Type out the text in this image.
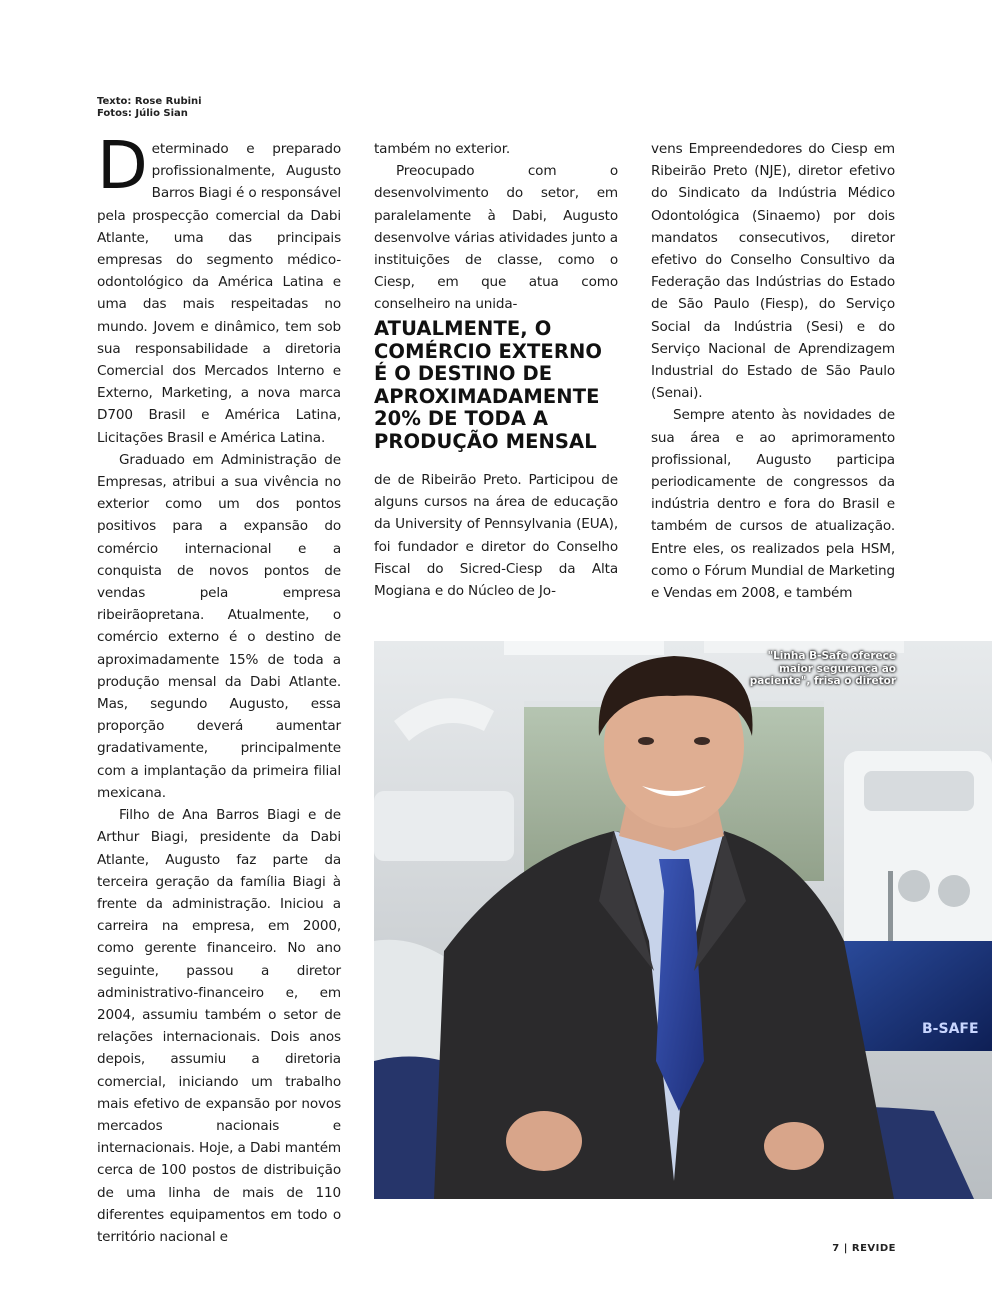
Texto: Rose Rubini
Fotos: Júlio Sian

Determinado e preparado profissionalmente, Augusto Barros Biagi é o responsável pela prospecção comercial da Dabi Atlante, uma das principais empresas do segmento médico-odontológico da América Latina e uma das mais respeitadas no mundo. Jovem e dinâmico, tem sob sua responsabilidade a diretoria Comercial dos Mercados Interno e Externo, Marketing, a nova marca D700 Brasil e América Latina, Licitações Brasil e América Latina.

Graduado em Administração de Empresas, atribui a sua vivência no exterior como um dos pontos positivos para a expansão do comércio internacional e a conquista de novos pontos de vendas pela empresa ribeirãopretana. Atualmente, o comércio externo é o destino de aproximadamente 15% de toda a produção mensal da Dabi Atlante. Mas, segundo Augusto, essa proporção deverá aumentar gradativamente, principalmente com a implantação da primeira filial mexicana.

Filho de Ana Barros Biagi e de Arthur Biagi, presidente da Dabi Atlante, Augusto faz parte da terceira geração da família Biagi à frente da administração. Iniciou a carreira na empresa, em 2000, como gerente financeiro. No ano seguinte, passou a diretor administrativo-financeiro e, em 2004, assumiu também o setor de relações internacionais. Dois anos depois, assumiu a diretoria comercial, iniciando um trabalho mais efetivo de expansão por novos mercados nacionais e internacionais. Hoje, a Dabi mantém cerca de 100 postos de distribuição de uma linha de mais de 110 diferentes equipamentos em todo o território nacional e

também no exterior.

Preocupado com o desenvolvimento do setor, em paralelamente à Dabi, Augusto desenvolve várias atividades junto a instituições de classe, como o Ciesp, em que atua como conselheiro na unida-

ATUALMENTE, O COMÉRCIO EXTERNO É O DESTINO DE APROXIMADAMENTE 20% DE TODA A PRODUÇÃO MENSAL

de de Ribeirão Preto. Participou de alguns cursos na área de educação da University of Pennsylvania (EUA), foi fundador e diretor do Conselho Fiscal do Sicred-Ciesp da Alta Mogiana e do Núcleo de Jo-

vens Empreendedores do Ciesp em Ribeirão Preto (NJE), diretor efetivo do Sindicato da Indústria Médico Odontológica (Sinaemo) por dois mandatos consecutivos, diretor efetivo do Conselho Consultivo da Federação das Indústrias do Estado de São Paulo (Fiesp), do Serviço Social da Indústria (Sesi) e do Serviço Nacional de Aprendizagem Industrial do Estado de São Paulo (Senai).

Sempre atento às novidades de sua área e ao aprimoramento profissional, Augusto participa periodicamente de congressos da indústria dentro e fora do Brasil e também de cursos de atualização. Entre eles, os realizados pela HSM, como o Fórum Mundial de Marketing e Vendas em 2008, e também

B-SAFE
"Linha B-Safe oferece maior segurança ao paciente", frisa o diretor
7 | REVIDE
